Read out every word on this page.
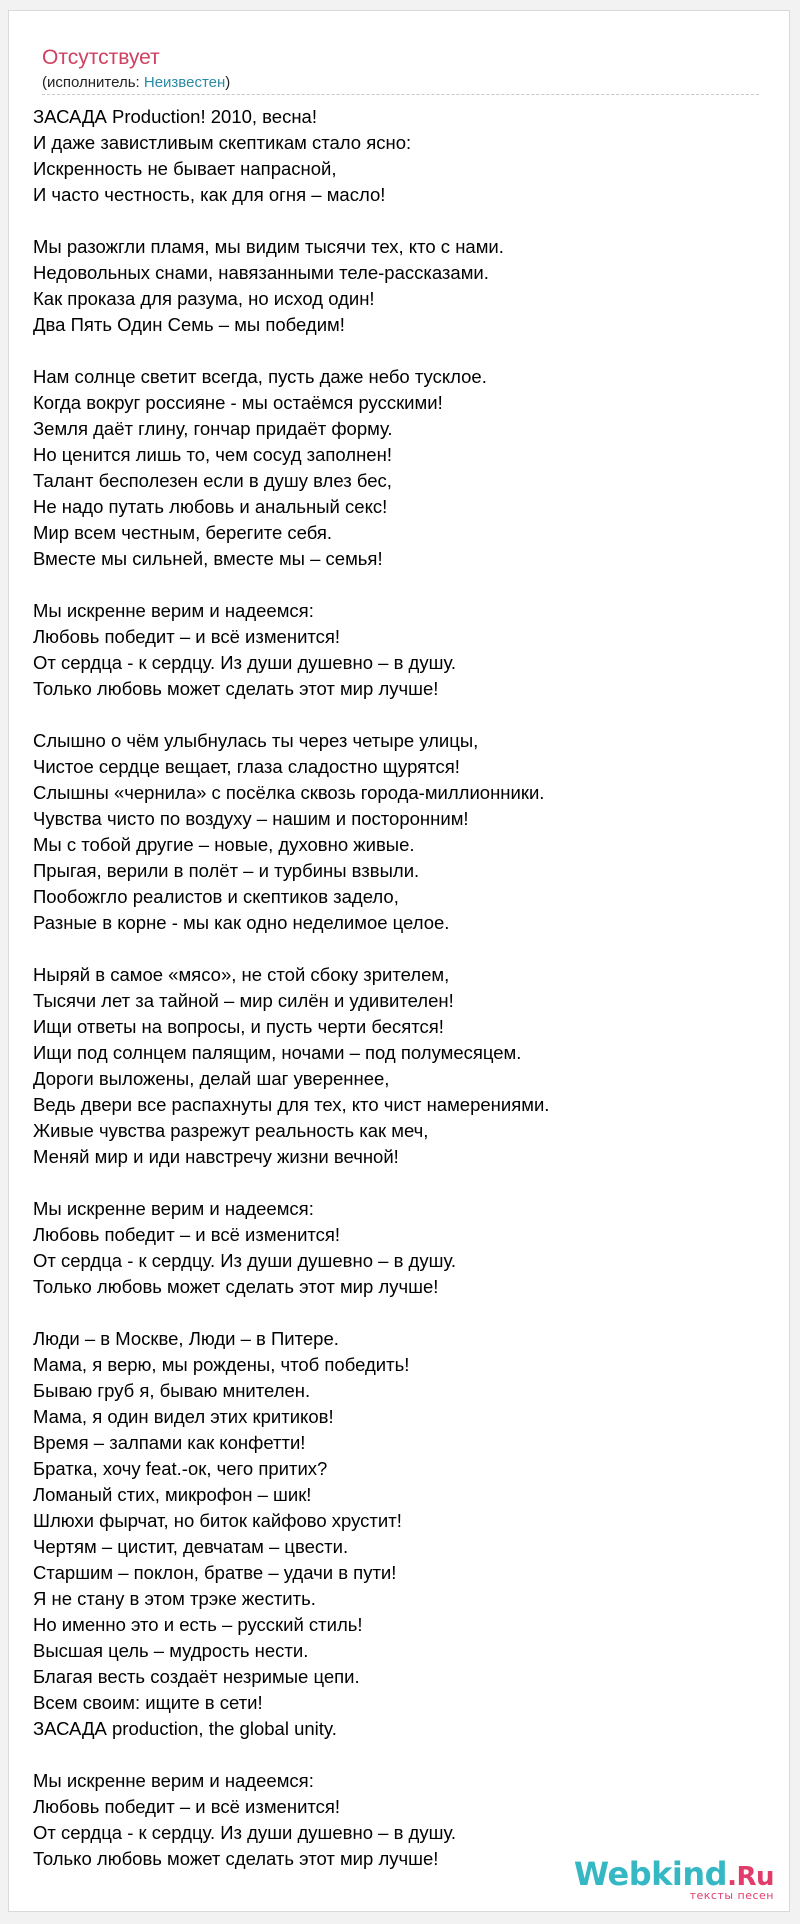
Отсутствует
(исполнитель: Неизвестен)
ЗАСАДА Production! 2010, весна!
И даже завистливым скептикам стало ясно:
Искренность не бывает напрасной,
И часто честность, как для огня – масло!
Мы разожгли пламя, мы видим тысячи тех, кто с нами.
Недовольных снами, навязанными теле-рассказами.
Как проказа для разума, но исход один!
Два Пять Один Семь – мы победим!
Нам солнце светит всегда, пусть даже небо тусклое.
Когда вокруг россияне - мы остаёмся русскими!
Земля даёт глину, гончар придаёт форму.
Но ценится лишь то, чем сосуд заполнен!
Талант бесполезен если в душу влез бес,
Не надо путать любовь и анальный секс!
Мир всем честным, берегите себя.
Вместе мы сильней, вместе мы – семья!
Мы искренне верим и надеемся:
Любовь победит – и всё изменится!
От сердца - к сердцу. Из души душевно – в душу.
Только любовь может сделать этот мир лучше!
Слышно о чём улыбнулась ты через четыре улицы,
Чистое сердце вещает, глаза сладостно щурятся!
Слышны «чернила» с посёлка сквозь города-миллионники.
Чувства чисто по воздуху – нашим и посторонним!
Мы с тобой другие – новые, духовно живые.
Прыгая, верили в полёт – и турбины взвыли.
Пообожгло реалистов и скептиков задело,
Разные в корне - мы как одно неделимое целое.
Ныряй в самое «мясо», не стой сбоку зрителем,
Тысячи лет за тайной – мир силён и удивителен!
Ищи ответы на вопросы, и пусть черти бесятся!
Ищи под солнцем палящим, ночами – под полумесяцем.
Дороги выложены, делай шаг увереннее,
Ведь двери все распахнуты для тех, кто чист намерениями.
Живые чувства разрежут реальность как меч,
Меняй мир и иди навстречу жизни вечной!
Мы искренне верим и надеемся:
Любовь победит – и всё изменится!
От сердца - к сердцу. Из души душевно – в душу.
Только любовь может сделать этот мир лучше!
Люди – в Москве, Люди – в Питере.
Мама, я верю, мы рождены, чтоб победить!
Бываю груб я, бываю мнителен.
Мама, я один видел этих критиков!
Время – залпами как конфетти!
Братка, хочу feat.-ок, чего притих?
Ломаный стих, микрофон – шик!
Шлюхи фырчат, но биток кайфово хрустит!
Чертям – цистит, девчатам – цвести.
Старшим – поклон, братве – удачи в пути!
Я не стану в этом трэке жестить.
Но именно это и есть – русский стиль!
Высшая цель – мудрость нести.
Благая весть создаёт незримые цепи.
Всем своим: ищите в сети!
ЗАСАДА production, the global unity.
Мы искренне верим и надеемся:
Любовь победит – и всё изменится!
От сердца - к сердцу. Из души душевно – в душу.
Только любовь может сделать этот мир лучше!	Webkind.Ru
тексты песен
